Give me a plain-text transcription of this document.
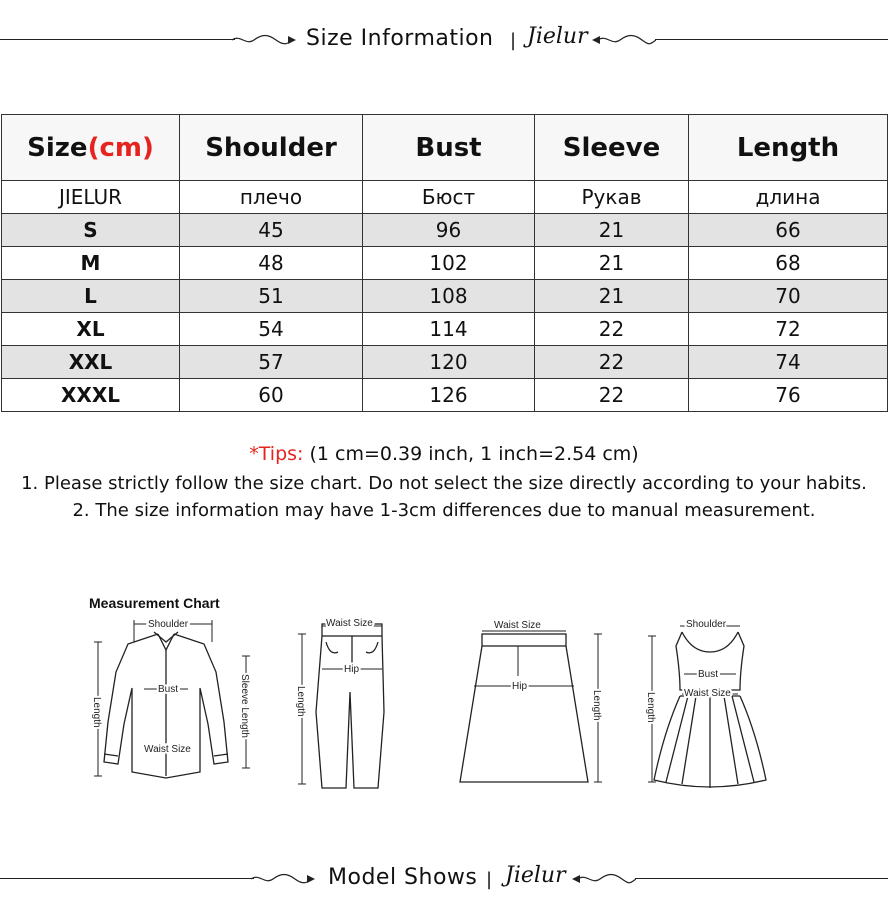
Size Information | Jielur
Size(cm)	Shoulder	Bust	Sleeve	Length
JIELUR	плечо	Бюст	Рукав	длина
S	45	96	21	66
M	48	102	21	68
L	51	108	21	70
XL	54	114	22	72
XXL	57	120	22	74
XXXL	60	126	22	76
*Tips: (1 cm=0.39 inch, 1 inch=2.54 cm)
1. Please strictly follow the size chart. Do not select the size directly according to your habits.
2. The size information may have 1-3cm differences due to manual measurement.
Measurement Chart
Shoulder
Bust
Waist Size
Length	Sleeve Length
Waist Size
Hip
Length
Waist Size
Hip
Length
Shoulder
Bust
Waist Size
Length
Model Shows | Jielur
